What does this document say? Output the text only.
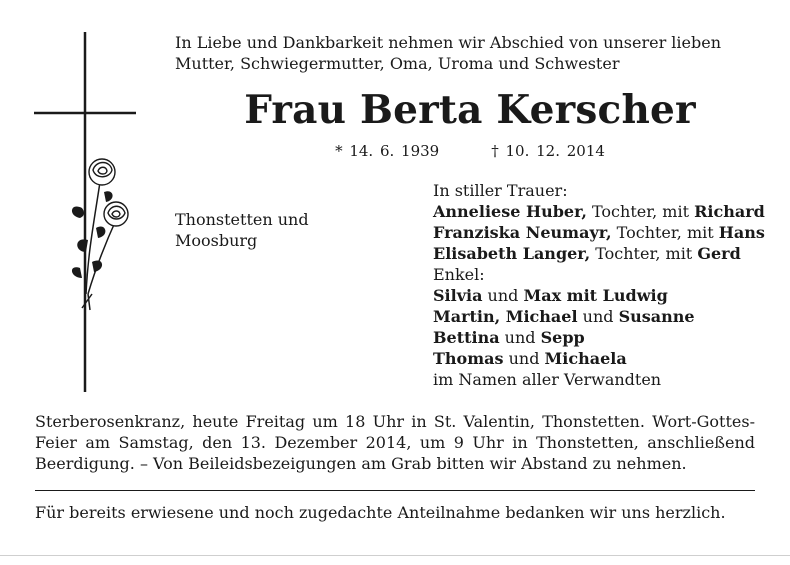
In Liebe und Dankbarkeit nehmen wir Abschied von unserer lieben
Mutter, Schwiegermutter, Oma, Uroma und Schwester

Frau Berta Kerscher
* 14. 6. 1939	† 10. 12. 2014
Thonstetten und
Moosburg
In stiller Trauer:
Anneliese Huber, Tochter, mit Richard
Franziska Neumayr, Tochter, mit Hans
Elisabeth Langer, Tochter, mit Gerd
Enkel:
Silvia und Max mit Ludwig
Martin, Michael und Susanne
Bettina und Sepp
Thomas und Michaela
im Namen aller Verwandten

Sterberosenkranz, heute Freitag um 18 Uhr in St. Valentin, Thonstetten. Wort-Gottes-Feier am Samstag, den 13. Dezember 2014, um 9 Uhr in Thonstetten, anschließend Beerdigung. – Von Beileidsbezeigungen am Grab bitten wir Abstand zu nehmen.

Für bereits erwiesene und noch zugedachte Anteilnahme bedanken wir uns herzlich.
